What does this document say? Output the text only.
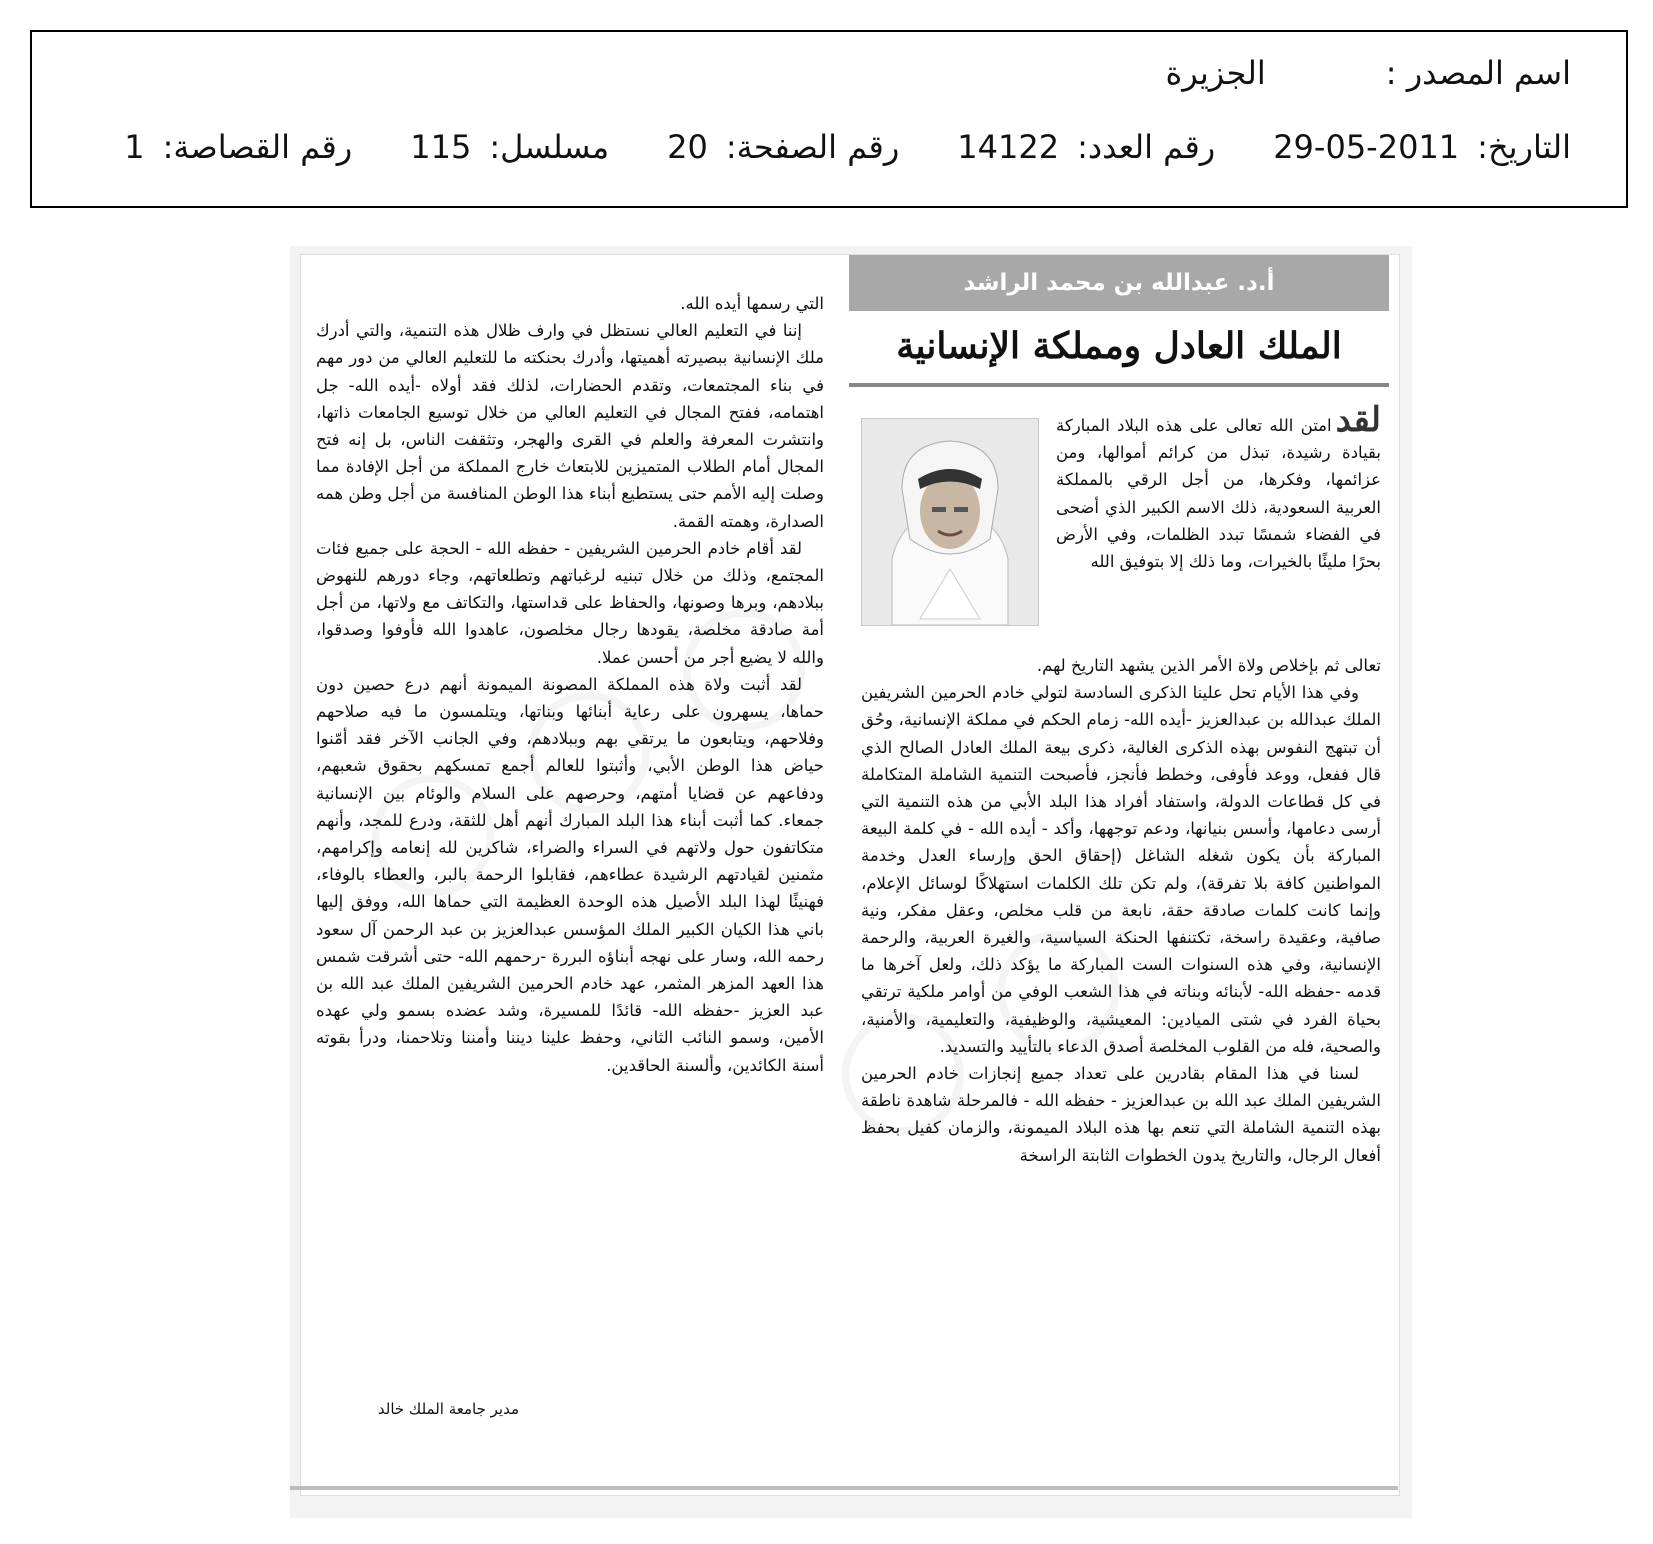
اسم المصدر :الجزيرة
التاريخ:29-05-2011رقم العدد:14122رقم الصفحة:20مسلسل:115رقم القصاصة:1
أ.د. عبدالله بن محمد الراشد
الملك العادل ومملكة الإنسانية

لقدامتن الله تعالى على هذه البلاد المباركة بقيادة رشيدة، تبذل من كرائم أموالها، ومن عزائمها، وفكرها، من أجل الرقي بالمملكة العربية السعودية، ذلك الاسم الكبير الذي أضحى في الفضاء شمسًا تبدد الظلمات، وفي الأرض بحرًا مليئًا بالخيرات، وما ذلك إلا بتوفيق الله

تعالى ثم بإخلاص ولاة الأمر الذين يشهد التاريخ لهم.

وفي هذا الأيام تحل علينا الذكرى السادسة لتولي خادم الحرمين الشريفين الملك عبدالله بن عبدالعزيز -أيده الله- زمام الحكم في مملكة الإنسانية، وحُق أن تبتهج النفوس بهذه الذكرى الغالية، ذكرى بيعة الملك العادل الصالح الذي قال ففعل، ووعد فأوفى، وخطط فأنجز، فأصبحت التنمية الشاملة المتكاملة في كل قطاعات الدولة، واستفاد أفراد هذا البلد الأبي من هذه التنمية التي أرسى دعامها، وأسس بنيانها، ودعم توجهها، وأكد - أيده الله - في كلمة البيعة المباركة بأن يكون شغله الشاغل (إحقاق الحق وإرساء العدل وخدمة المواطنين كافة بلا تفرقة)، ولم تكن تلك الكلمات استهلاكًا لوسائل الإعلام، وإنما كانت كلمات صادقة حقة، نابعة من قلب مخلص، وعقل مفكر، ونية صافية، وعقيدة راسخة، تكتنفها الحنكة السياسية، والغيرة العربية، والرحمة الإنسانية، وفي هذه السنوات الست المباركة ما يؤكد ذلك، ولعل آخرها ما قدمه -حفظه الله- لأبنائه وبناته في هذا الشعب الوفي من أوامر ملكية ترتقي بحياة الفرد في شتى الميادين: المعيشية، والوظيفية، والتعليمية، والأمنية، والصحية، فله من القلوب المخلصة أصدق الدعاء بالتأييد والتسديد.

لسنا في هذا المقام بقادرين على تعداد جميع إنجازات خادم الحرمين الشريفين الملك عبد الله بن عبدالعزيز - حفظه الله - فالمرحلة شاهدة ناطقة بهذه التنمية الشاملة التي تنعم بها هذه البلاد الميمونة، والزمان كفيل بحفظ أفعال الرجال، والتاريخ يدون الخطوات الثابتة الراسخة

التي رسمها أيده الله.

إننا في التعليم العالي نستظل في وارف ظلال هذه التنمية، والتي أدرك ملك الإنسانية ببصيرته أهميتها، وأدرك بحنكته ما للتعليم العالي من دور مهم في بناء المجتمعات، وتقدم الحضارات، لذلك فقد أولاه -أيده الله- جل اهتمامه، ففتح المجال في التعليم العالي من خلال توسيع الجامعات ذاتها، وانتشرت المعرفة والعلم في القرى والهجر، وتثقفت الناس، بل إنه فتح المجال أمام الطلاب المتميزين للابتعاث خارج المملكة من أجل الإفادة مما وصلت إليه الأمم حتى يستطيع أبناء هذا الوطن المنافسة من أجل وطن همه الصدارة، وهمته القمة.

لقد أقام خادم الحرمين الشريفين - حفظه الله - الحجة على جميع فئات المجتمع، وذلك من خلال تبنيه لرغباتهم وتطلعاتهم، وجاء دورهم للنهوض ببلادهم، وبرها وصونها، والحفاظ على قداستها، والتكاتف مع ولاتها، من أجل أمة صادقة مخلصة، يقودها رجال مخلصون، عاهدوا الله فأوفوا وصدقوا، والله لا يضيع أجر من أحسن عملا.

لقد أثبت ولاة هذه المملكة المصونة الميمونة أنهم درع حصين دون حماها، يسهرون على رعاية أبنائها وبناتها، ويتلمسون ما فيه صلاحهم وفلاحهم، ويتابعون ما يرتقي بهم وببلادهم، وفي الجانب الآخر فقد أمّنوا حياض هذا الوطن الأبي، وأثبتوا للعالم أجمع تمسكهم بحقوق شعبهم، ودفاعهم عن قضايا أمتهم، وحرصهم على السلام والوئام بين الإنسانية جمعاء. كما أثبت أبناء هذا البلد المبارك أنهم أهل للثقة، ودرع للمجد، وأنهم متكاتفون حول ولاتهم في السراء والضراء، شاكرين لله إنعامه وإكرامهم، مثمنين لقيادتهم الرشيدة عطاءهم، فقابلوا الرحمة بالبر، والعطاء بالوفاء، فهنيئًا لهذا البلد الأصيل هذه الوحدة العظيمة التي حماها الله، ووفق إليها باني هذا الكيان الكبير الملك المؤسس عبدالعزيز بن عبد الرحمن آل سعود رحمه الله، وسار على نهجه أبناؤه البررة -رحمهم الله- حتى أشرقت شمس هذا العهد المزهر المثمر، عهد خادم الحرمين الشريفين الملك عبد الله بن عبد العزيز -حفظه الله- قائدًا للمسيرة، وشد عضده بسمو ولي عهده الأمين، وسمو النائب الثاني، وحفظ علينا ديننا وأمننا وتلاحمنا، ودرأ بقوته أسنة الكائدين، وألسنة الحاقدين.

مدير جامعة الملك خالد
